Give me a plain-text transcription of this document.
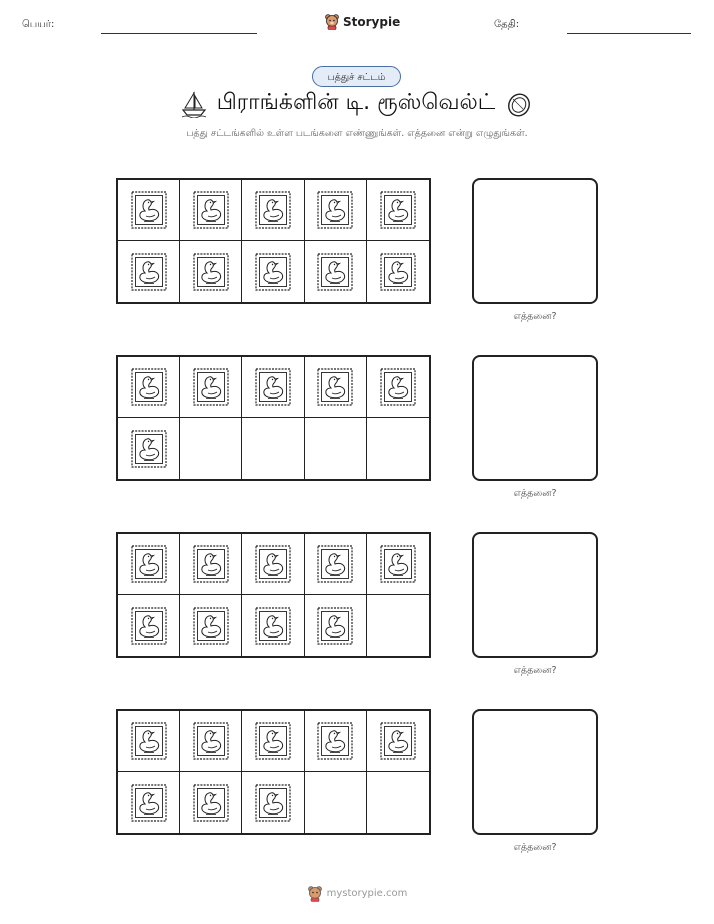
பெயர்:	Storypie	தேதி:
பத்துச் சட்டம்
பிராங்க்ளின் டி. ரூஸ்வெல்ட்
பத்து சட்டங்களில் உள்ள படங்களை எண்ணுங்கள். எத்தனை என்று எழுதுங்கள்.
எத்தனை?
எத்தனை?
எத்தனை?
எத்தனை?
mystorypie.com
